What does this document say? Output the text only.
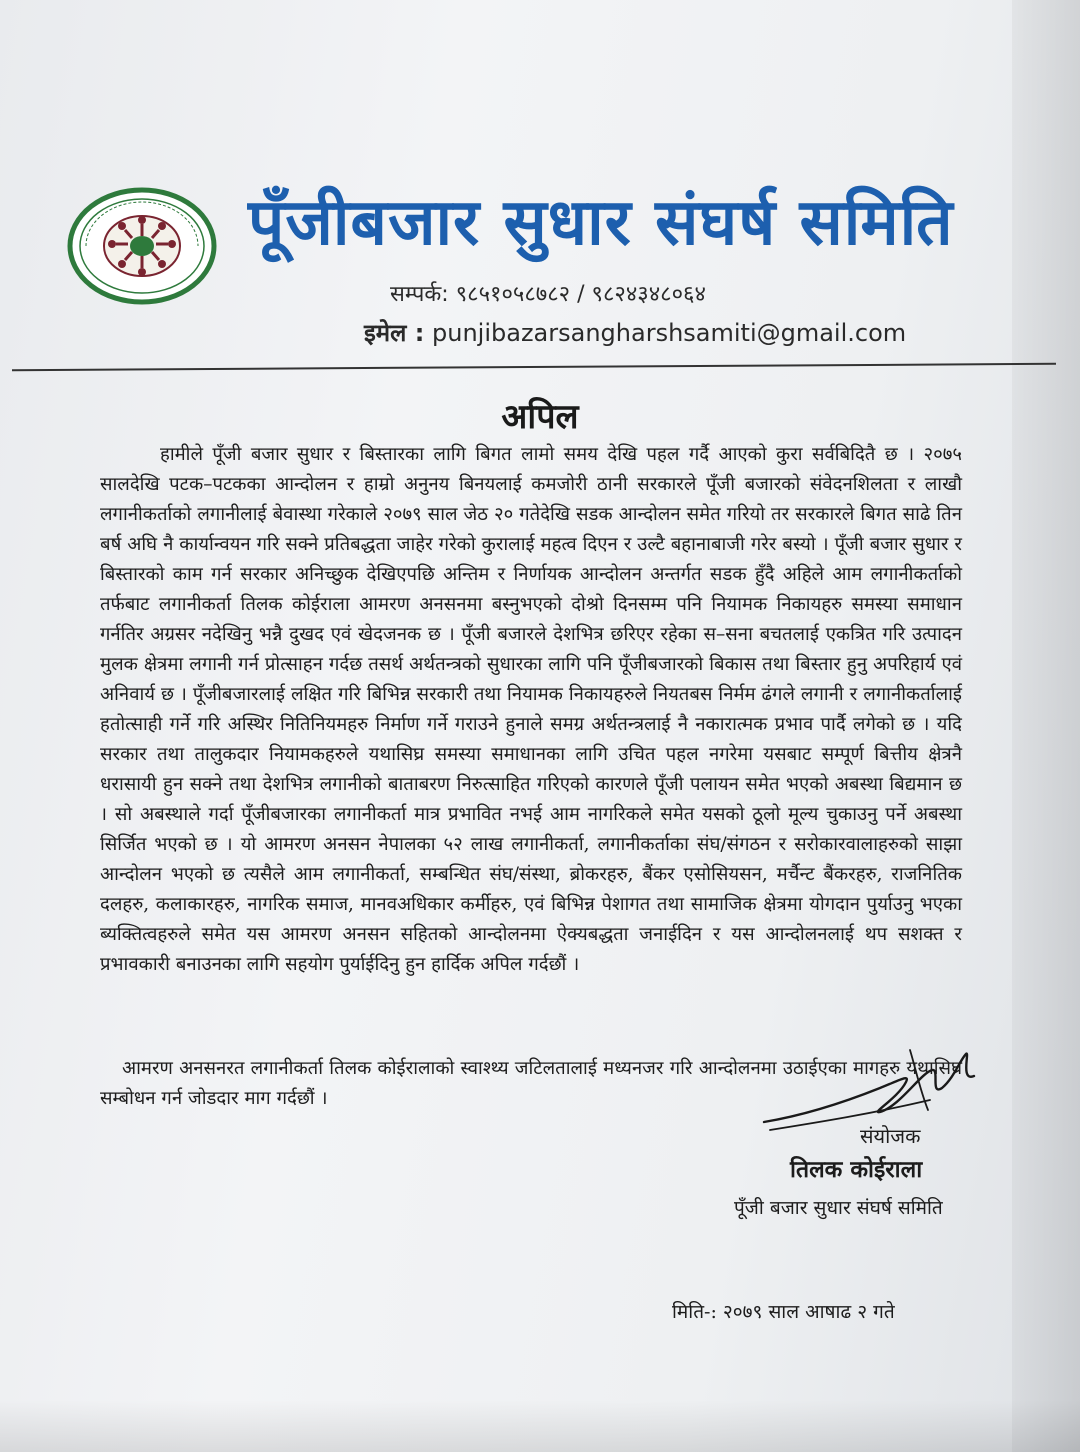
पूँजीबजार सुधार संघर्ष समिति
सम्पर्क: ९८५१०५८७८२ / ९८२४३४८०६४
इमेल : punjibazarsangharshsamiti@gmail.com
अपिल

हामीले पूँजी बजार सुधार र बिस्तारका लागि बिगत लामो समय देखि पहल गर्दै आएको कुरा सर्वबिदितै छ । २०७५ सालदेखि पटक–पटकका आन्दोलन र हाम्रो अनुनय बिनयलाई कमजोरी ठानी सरकारले पूँजी बजारको संवेदनशिलता र लाखौ लगानीकर्ताको लगानीलाई बेवास्था गरेकाले २०७९ साल जेठ २० गतेदेखि सडक आन्दोलन समेत गरियो तर सरकारले बिगत साढे तिन बर्ष अघि नै कार्यान्वयन गरि सक्ने प्रतिबद्धता जाहेर गरेको कुरालाई महत्व दिएन र उल्टै बहानाबाजी गरेर बस्यो । पूँजी बजार सुधार र बिस्तारको काम गर्न सरकार अनिच्छुक देखिएपछि अन्तिम र निर्णायक आन्दोलन अन्तर्गत सडक हुँदै अहिले आम लगानीकर्ताको तर्फबाट लगानीकर्ता तिलक कोईराला आमरण अनसनमा बस्नुभएको दोश्रो दिनसम्म पनि नियामक निकायहरु समस्या समाधान गर्नतिर अग्रसर नदेखिनु भन्नै दुखद एवं खेदजनक छ । पूँजी बजारले देशभित्र छरिएर रहेका स–सना बचतलाई एकत्रित गरि उत्पादन मुलक क्षेत्रमा लगानी गर्न प्रोत्साहन गर्दछ तसर्थ अर्थतन्त्रको सुधारका लागि पनि पूँजीबजारको बिकास तथा बिस्तार हुनु अपरिहार्य एवं अनिवार्य छ । पूँजीबजारलाई लक्षित गरि बिभिन्न सरकारी तथा नियामक निकायहरुले नियतबस निर्मम ढंगले लगानी र लगानीकर्तालाई हतोत्साही गर्ने गरि अस्थिर नितिनियमहरु निर्माण गर्ने गराउने हुनाले समग्र अर्थतन्त्रलाई नै नकारात्मक प्रभाव पार्दै लगेको छ । यदि सरकार तथा तालुकदार नियामकहरुले यथासिघ्र समस्या समाधानका लागि उचित पहल नगरेमा यसबाट सम्पूर्ण बित्तीय क्षेत्रनै धरासायी हुन सक्ने तथा देशभित्र लगानीको बाताबरण निरुत्साहित गरिएको कारणले पूँजी पलायन समेत भएको अबस्था बिद्यमान छ । सो अबस्थाले गर्दा पूँजीबजारका लगानीकर्ता मात्र प्रभावित नभई आम नागरिकले समेत यसको ठूलो मूल्य चुकाउनु पर्ने अबस्था सिर्जित भएको छ । यो आमरण अनसन नेपालका ५२ लाख लगानीकर्ता, लगानीकर्ताका संघ/संगठन र सरोकारवालाहरुको साझा आन्दोलन भएको छ त्यसैले आम लगानीकर्ता, सम्बन्धित संघ/संस्था, ब्रोकरहरु, बैंकर एसोसियसन, मर्चैन्ट बैंकरहरु, राजनितिक दलहरु, कलाकारहरु, नागरिक समाज, मानवअधिकार कर्मीहरु, एवं बिभिन्न पेशागत तथा सामाजिक क्षेत्रमा योगदान पुर्याउनु भएका ब्यक्तित्वहरुले समेत यस आमरण अनसन सहितको आन्दोलनमा ऐक्यबद्धता जनाईदिन र यस आन्दोलनलाई थप सशक्त र प्रभावकारी बनाउनका लागि सहयोग पुर्याईदिनु हुन हार्दिक अपिल गर्दछौं ।

आमरण अनसनरत लगानीकर्ता तिलक कोईरालाको स्वाश्थ्य जटिलतालाई मध्यनजर गरि आन्दोलनमा उठाईएका मागहरु यथासिघ्र सम्बोधन गर्न जोडदार माग गर्दछौं ।

संयोजक
तिलक कोईराला
पूँजी बजार सुधार संघर्ष समिति
मिति-: २०७९ साल आषाढ २ गते
